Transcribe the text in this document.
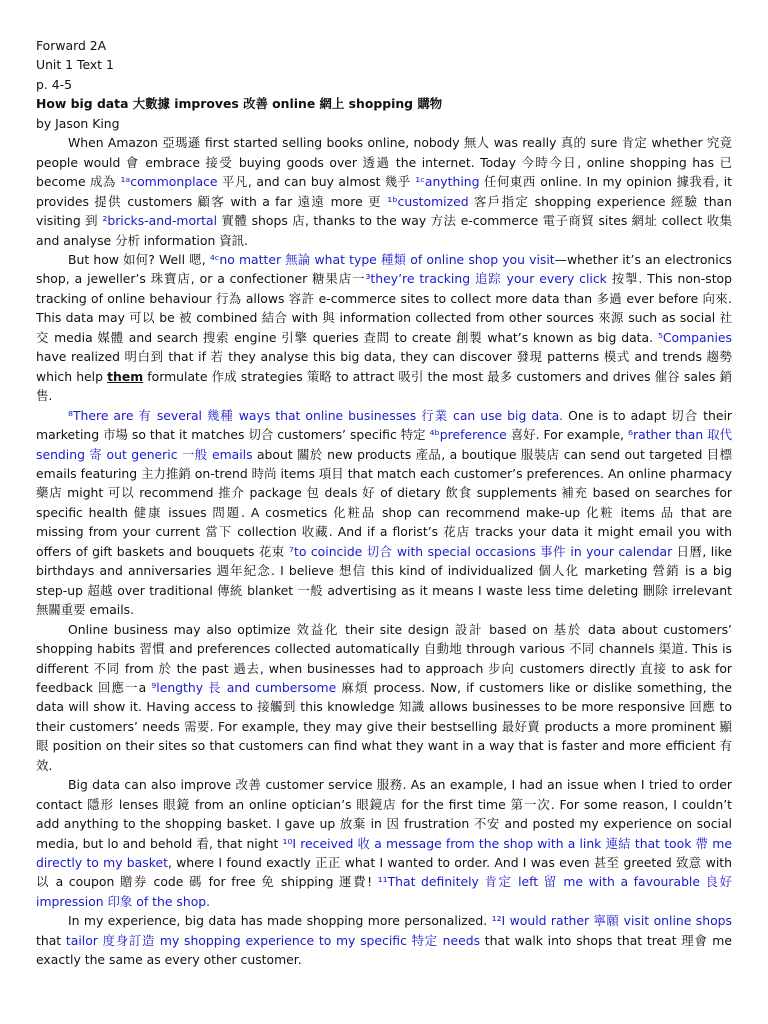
Forward 2A
Unit 1 Text 1
p. 4-5
How big data 大數據 improves 改善 online 網上 shopping 購物
by Jason King

When Amazon 亞瑪遜 first started selling books online, nobody 無人 was really 真的 sure 肯定 whether 究竟 people would 會 embrace 接受 buying goods over 透過 the internet. Today 今時今日, online shopping has 已 become 成為 ¹ᵃcommonplace 平凡, and can buy almost 幾乎 ¹ᶜanything 任何東西 online. In my opinion 據我看, it provides 提供 customers 顧客 with a far 遠遠 more 更 ¹ᵇcustomized 客戶指定 shopping experience 經驗 than visiting 到 ²bricks-and-mortal 實體 shops 店, thanks to the way 方法 e-commerce 電子商貿 sites 網址 collect 收集 and analyse 分析 information 資訊.

But how 如何? Well 嗯, ⁴ᶜno matter 無論 what type 種類 of online shop you visit—whether it’s an electronics shop, a jeweller’s 珠寶店, or a confectioner 糖果店一³they’re tracking 追踪 your every click 按掣. This non-stop tracking of online behaviour 行為 allows 容許 e-commerce sites to collect more data than 多過 ever before 向來. This data may 可以 be 被 combined 結合 with 與 information collected from other sources 來源 such as social 社交 media 媒體 and search 搜索 engine 引擎 queries 查問 to create 創製 what’s known as big data. ⁵Companies have realized 明白到 that if 若 they analyse this big data, they can discover 發現 patterns 模式 and trends 趨勢 which help them formulate 作成 strategies 策略 to attract 吸引 the most 最多 customers and drives 催谷 sales 銷售.

⁸There are 有 several 幾種 ways that online businesses 行業 can use big data. One is to adapt 切合 their marketing 市場 so that it matches 切合 customers’ specific 特定 ⁴ᵇpreference 喜好. For example, ⁶rather than 取代 sending 寄 out generic 一般 emails about 關於 new products 產品, a boutique 服裝店 can send out targeted 目標 emails featuring 主力推銷 on-trend 時尚 items 項目 that match each customer’s preferences. An online pharmacy 藥店 might 可以 recommend 推介 package 包 deals 好 of dietary 飲食 supplements 補充 based on searches for specific health 健康 issues 問題. A cosmetics 化粧品 shop can recommend make-up 化粧 items 品 that are missing from your current 當下 collection 收藏. And if a florist’s 花店 tracks your data it might email you with offers of gift baskets and bouquets 花束 ⁷to coincide 切合 with special occasions 事件 in your calendar 日曆, like birthdays and anniversaries 週年紀念. I believe 想信 this kind of individualized 個人化 marketing 營銷 is a big step-up 超越 over traditional 傳統 blanket 一般 advertising as it means I waste less time deleting 刪除 irrelevant 無關重要 emails.

Online business may also optimize 效益化 their site design 設計 based on 基於 data about customers’ shopping habits 習慣 and preferences collected automatically 自動地 through various 不同 channels 渠道. This is different 不同 from 於 the past 過去, when businesses had to approach 步向 customers directly 直接 to ask for feedback 回應一a ⁹lengthy 長 and cumbersome 麻煩 process. Now, if customers like or dislike something, the data will show it. Having access to 接觸到 this knowledge 知識 allows businesses to be more responsive 回應 to their customers’ needs 需要. For example, they may give their bestselling 最好賣 products a more prominent 顯眼 position on their sites so that customers can find what they want in a way that is faster and more efficient 有效.

Big data can also improve 改善 customer service 服務. As an example, I had an issue when I tried to order contact 隱形 lenses 眼鏡 from an online optician’s 眼鏡店 for the first time 第一次. For some reason, I couldn’t add anything to the shopping basket. I gave up 放棄 in 因 frustration 不安 and posted my experience on social media, but lo and behold 看, that night ¹⁰I received 收 a message from the shop with a link 連結 that took 帶 me directly to my basket, where I found exactly 正正 what I wanted to order. And I was even 甚至 greeted 致意 with 以 a coupon 贈券 code 碼 for free 免 shipping 運費! ¹¹That definitely 肯定 left 留 me with a favourable 良好 impression 印象 of the shop.

In my experience, big data has made shopping more personalized. ¹²I would rather 寧願 visit online shops that tailor 度身訂造 my shopping experience to my specific 特定 needs that walk into shops that treat 理會 me exactly the same as every other customer.
